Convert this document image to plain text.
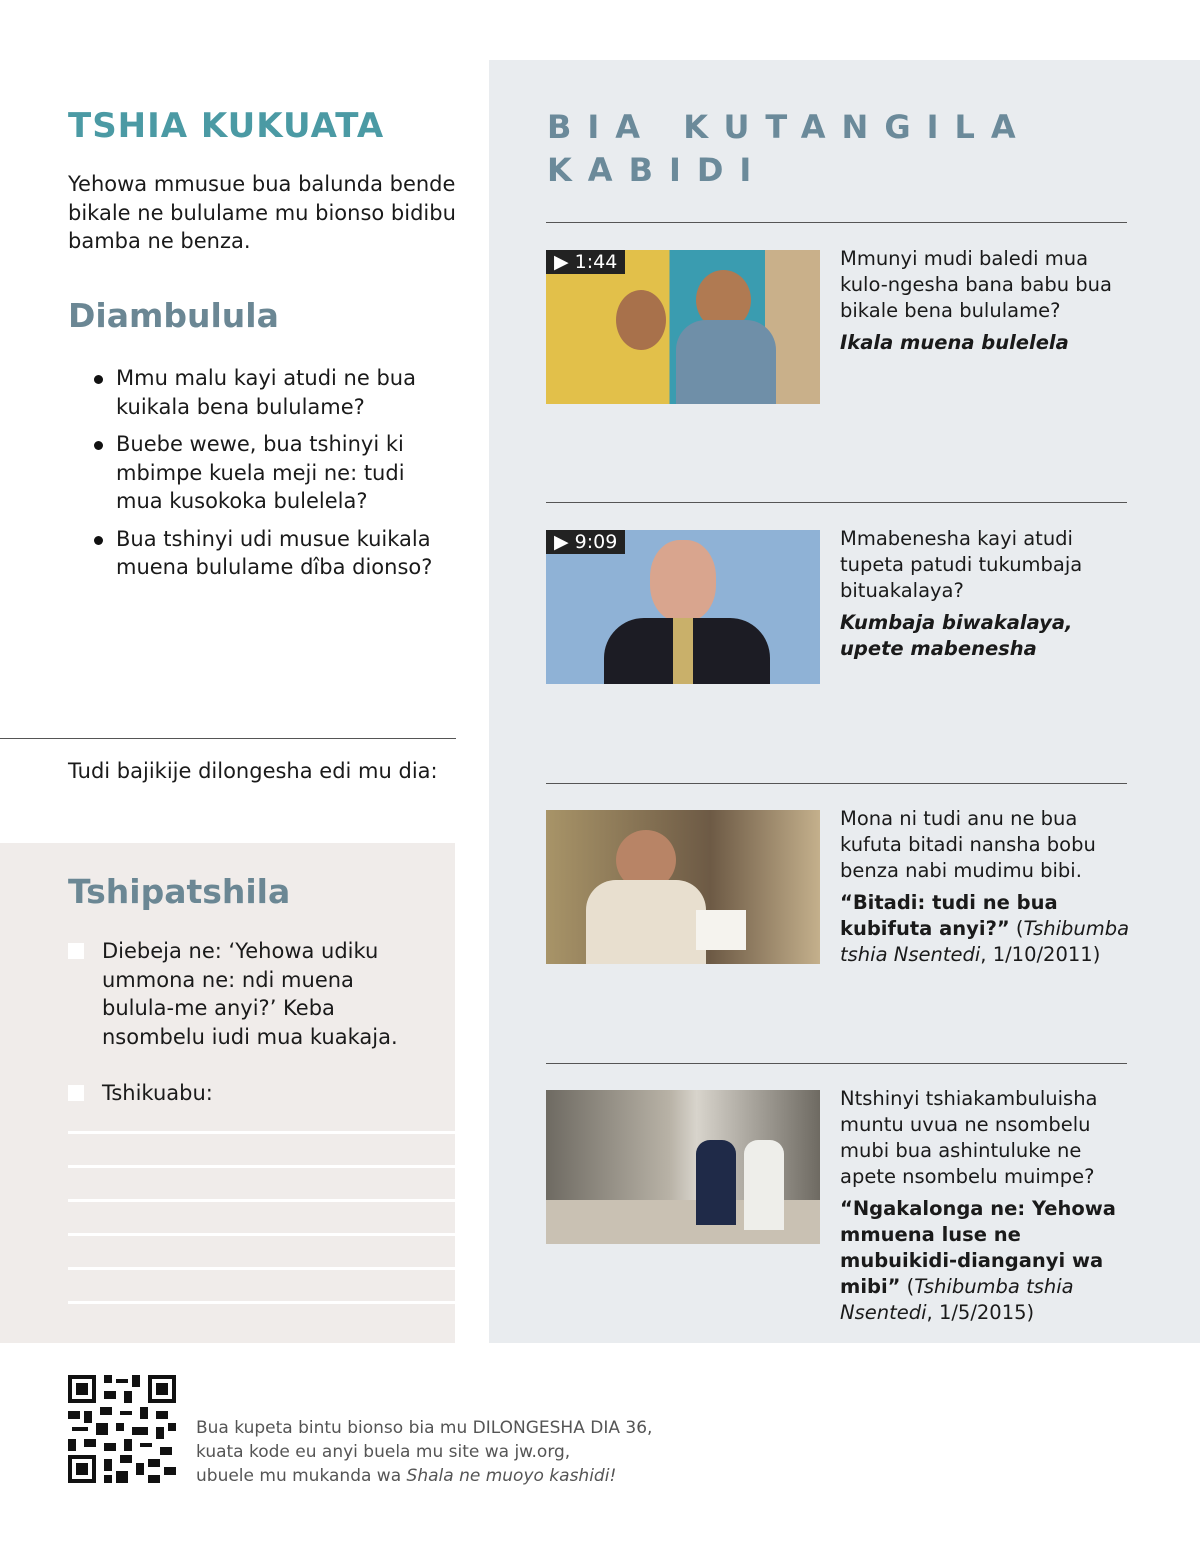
TSHIA KUKUATA
Yehowa mmusue bua balunda bende bikale ne bululame mu bionso bidibu bamba ne benza.
Diambulula
Mmu malu kayi atudi ne bua kuikala bena bululame?
Buebe wewe, bua tshinyi ki mbimpe kuela meji ne: tudi mua kusokoka bulelela?
Bua tshinyi udi musue kuikala muena bululame dîba dionso?
Tudi bajikije dilongesha edi mu dia:
Tshipatshila
Diebeja ne: ‘Yehowa udiku ummona ne: ndi muena bulula-me anyi?’ Keba nsombelu iudi mua kuakaja.
Tshikuabu:
BIA KUTANGILA KABIDI
▶ 1:44	Mmunyi mudi baledi mua kulo-ngesha bana babu bua bikale bena bululame?
Ikala muena bulelela
▶ 9:09	Mmabenesha kayi atudi tupeta patudi tukumbaja bituakalaya?
Kumbaja biwakalaya, upete mabenesha
Mona ni tudi anu ne bua kufuta bitadi nansha bobu benza nabi mudimu bibi.
“Bitadi: tudi ne bua kubifuta anyi?” (Tshibumba tshia Nsentedi, 1/10/2011)
Ntshinyi tshiakambuluisha muntu uvua ne nsombelu mubi bua ashintuluke ne apete nsombelu muimpe?
“Ngakalonga ne: Yehowa mmuena luse ne mubuikidi-dianganyi wa mibi” (Tshibumba tshia Nsentedi, 1/5/2015)
Bua kupeta bintu bionso bia mu DILONGESHA DIA 36,
kuata kode eu anyi buela mu site wa jw.org,
ubuele mu mukanda wa Shala ne muoyo kashidi!
